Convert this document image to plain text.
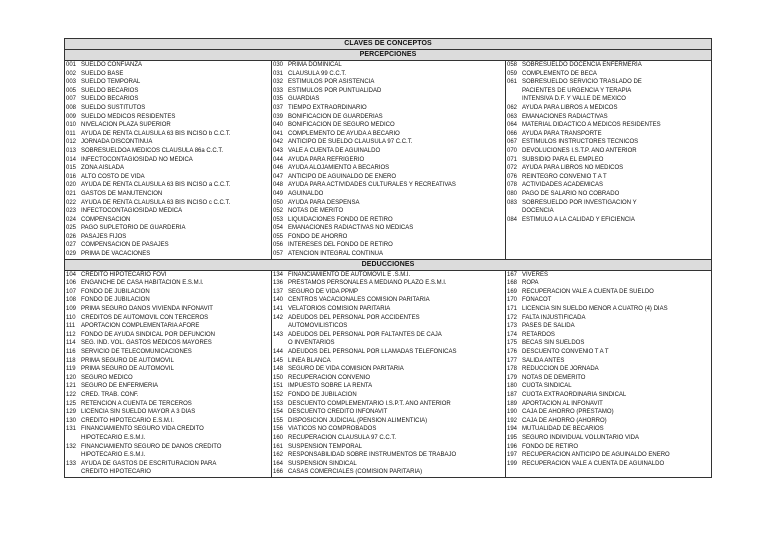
CLAVES DE CONCEPTOS
PERCEPCIONES
001 SUELDO CONFIANZA
002 SUELDO BASE
003 SUELDO TEMPORAL
005 SUELDO BECARIOS
007 SUELDO BECARIOS
008 SUELDO SUSTITUTOS
009 SUELDO MÉDICOS RESIDENTES
010 NIVELACIÓN PLAZA SUPERIOR
011 AYUDA DE RENTA CLAUSULA 63 BIS INCISO b C.C.T.
012 JORNADA DISCONTINUA
013 SOBRESUELDOA MÉDICOS CLÁUSULA 86a C.C.T.
014 INFECTOCONTAGIOSIDAD NO MÉDICA
015 ZONA AISLADA
016 ALTO COSTO DE VIDA
020 AYUDA DE RENTA CLAUSULA 63 BIS INCISO a C.C.T.
021 GASTOS DE MANUTENCION
022 AYUDA DE RENTA CLAUSULA 63 BIS INCISO c C.C.T.
023 INFECTOCONTAGIOSIDAD MÉDICA
024 COMPENSACIÓN
025 PAGO SUPLETORIO DE GUARDERIA
026 PASAJES FIJOS
027 COMPENSACIÓN DE PASAJES
029 PRIMA DE VACACIONES
030 PRIMA DOMINICAL
031 CLAUSULA 99 C.C.T.
032 ESTÍMULOS POR ASISTENCIA
033 ESTÍMULOS POR PUNTUALIDAD
035 GUARDIAS
037 TIEMPO EXTRAORDINARIO
039 BONIFICACIÓN DE GUARDERIAS
040 BONIFICACIÓN DE SEGURO MÉDICO
041 COMPLEMENTO DE AYUDA A BECARIO
042 ANTICIPO DE SUELDO CLÁUSULA 97 C.C.T.
043 VALE A CUENTA DE AGUINALDO
044 AYUDA PARA REFRIGERIO
046 AYUDA ALOJAMIENTO A BECARIOS
047 ANTICIPO DE AGUINALDO DE ENERO
048 AYUDA PARA ACTIVIDADES CULTURALES Y RECREATIVAS
049 AGUINALDO
050 AYUDA PARA DESPENSA
052 NOTAS DE MÉRITO
053 LIQUIDACIONES FONDO DE RETIRO
054 EMANACIONES RADIACTIVAS NO MÉDICAS
055 FONDO DE AHORRO
056 INTERESES DEL FONDO DE RETIRO
057 ATENCIÓN INTEGRAL CONTINUA
058 SOBRESUELDO DOCENCIA ENFERMERÍA
059 COMPLEMENTO DE BECA
061 SOBRESUELDO SERVICIO TRASLADO DE
PACIENTES DE URGENCIA Y TERAPIA
INTENSIVA D.F. Y VALLE DE MÉXICO
062 AYUDA PARA LIBROS A MÉDICOS
063 EMANACIONES RADIACTIVAS
064 MATERIAL DIDACTICO A MÉDICOS RESIDENTES
066 AYUDA PARA TRANSPORTE
067 ESTÍMULOS INSTRUCTORES TÉCNICOS
070 DEVOLUCIONES I.S.T.P. AÑO ANTERIOR
071 SUBSIDIO PARA EL EMPLEO
072 AYUDA PARA LIBROS NO MÉDICOS
076 REINTEGRO CONVENIO T A T
078 ACTIVIDADES ACADEMICAS
080 PAGO DE SALARIO NO COBRADO
083 SOBRESUELDO POR INVESTIGACION Y
DOCENCIA
084 ESTÍMULO A LA CALIDAD Y EFICIENCIA
DEDUCCIONES
104 CRÉDITO HIPOTECARIO FOVI
106 ENGANCHE DE CASA HABITACIÓN E.S.M.I.
107 FONDO DE JUBILACIÓN
108 FONDO DE JUBILACIÓN
109 PRIMA SEGURO DAÑOS VIVIENDA INFONAVIT
110 CRÉDITOS DE AUTOMÓVIL CON TERCEROS
111 APORTACIÓN COMPLEMENTARIA AFORE
112 FONDO DE AYUDA SINDICAL POR DEFUNCIÓN
114 SEG. IND. VOL. GASTOS MÉDICOS MAYORES
116 SERVICIO DE TELECOMUNICACIONES
118 PRIMA SEGURO DE AUTOMOVIL
119 PRIMA SEGURO DE AUTOMOVIL
120 SEGURO MÉDICO
121 SEGURO DE ENFERMERIA
122 CRED. TRAB. CONF.
125 RETENCIÓN A CUENTA DE TERCEROS
129 LICENCIA SIN SUELDO MAYOR A 3 DÍAS
130 CRÉDITO HIPOTECARIO E.S.M.I.
131 FINANCIAMIENTO SEGURO VIDA CRÉDITO
HIPOTECARIO E.S.M.I.
132 FINANCIAMIENTO SEGURO DE DAÑOS CREDITO
HIPOTECARIO E.S.M.I.
133 AYUDA DE GASTOS DE ESCRITURACION PARA
CRÉDITO HIPOTECARIO
134 FINANCIAMIENTO DE AUTOMOVIL E .S.M.I.
136 PRÉSTAMOS PERSONALES A MEDIANO PLAZO E.S.M.I.
137 SEGURO DE VIDA PPMP
140 CENTROS VACACIONALES COMISION PARITARIA
141 VELATORIOS COMISION PARITARIA
142 ADEUDOS DEL PERSONAL POR ACCIDENTES
AUTOMOVILISTICOS
143 ADEUDOS DEL PERSONAL POR FALTANTES DE CAJA
O INVENTARIOS
144 ADEUDOS DEL PERSONAL POR LLAMADAS TELEFÓNICAS
145 LINEA BLANCA
148 SEGURO DE VIDA COMISIÓN PARITARIA
150 RECUPERACIÓN CONVENIO
151 IMPUESTO SOBRE LA RENTA
152 FONDO DE JUBILACIÓN
153 DESCUENTO COMPLEMENTARIO I.S.P.T. AÑO ANTERIOR
154 DESCUENTO CRÉDITO INFONAVIT
155 DISPOSICION JUDICIAL (PENSION ALIMENTICIA)
156 VIÁTICOS NO COMPROBADOS
160 RECUPERACION CLAUSULA 97 C.C.T.
161 SUSPENSION TEMPORAL
162 RESPONSABILIDAD SOBRE INSTRUMENTOS DE TRABAJO
164 SUSPENSION SINDICAL
166 CASAS COMERCIALES (COMISION PARITARIA)
167 VIVERES
168 ROPA
169 RECUPERACIÓN VALE A CUENTA DE SUELDO
170 FONACOT
171 LICENCIA SIN SUELDO MENOR A CUATRO (4) DÍAS
172 FALTA INJUSTIFICADA
173 PASES DE SALIDA
174 RETARDOS
175 BECAS SIN SUELDOS
176 DESCUENTO CONVENIO T A T
177 SALIDA ANTES
178 REDUCCIÓN DE JORNADA
179 NOTAS DE DEMÉRITO
180 CUOTA SINDICAL
187 CUOTA EXTRAORDINARIA SINDICAL
189 APORTACIÓN AL INFONAVIT
190 CAJA DE AHORRO (PRÉSTAMO)
192 CAJA DE AHORRO (AHORRO)
194 MUTUALIDAD DE BECARIOS
195 SEGURO INDIVIDUAL VOLUNTARIO VIDA
196 FONDO DE RETIRO
197 RECUPERACION ANTICIPO DE AGUINALDO ENERO
199 RECUPERACION VALE A CUENTA DE AGUINALDO
